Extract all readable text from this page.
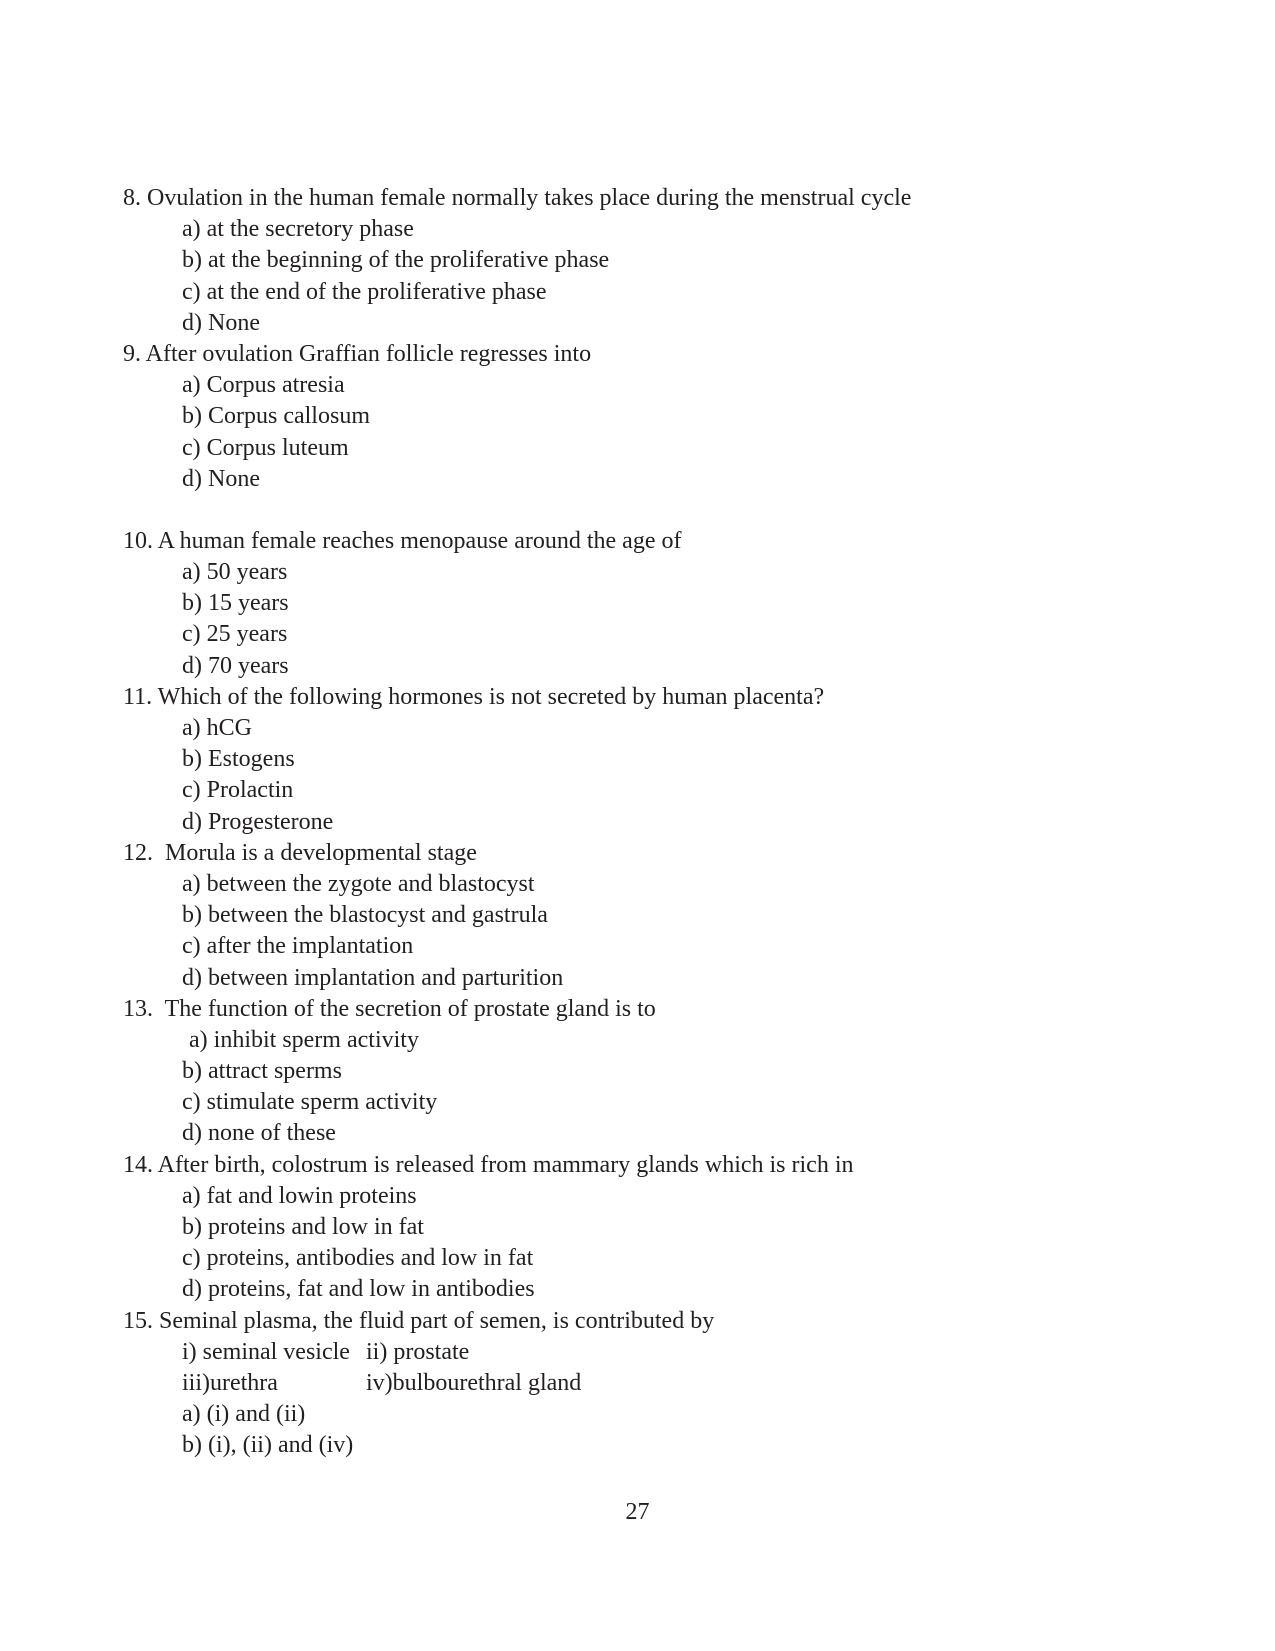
8. Ovulation in the human female normally takes place during the menstrual cycle
a) at the secretory phase
b) at the beginning of the proliferative phase
c) at the end of the proliferative phase
d) None
9. After ovulation Graffian follicle regresses into
a) Corpus atresia
b) Corpus callosum
c) Corpus luteum
d) None
10. A human female reaches menopause around the age of
a) 50 years
b) 15 years
c) 25 years
d) 70 years
11. Which of the following hormones is not secreted by human placenta?
a) hCG
b) Estogens
c) Prolactin
d) Progesterone
12.  Morula is a developmental stage
a) between the zygote and blastocyst
b) between the blastocyst and gastrula
c) after the implantation
d) between implantation and parturition
13.  The function of the secretion of prostate gland is to
a) inhibit sperm activity
b) attract sperms
c) stimulate sperm activity
d) none of these
14. After birth, colostrum is released from mammary glands which is rich in
a) fat and lowin proteins
b) proteins and low in fat
c) proteins, antibodies and low in fat
d) proteins, fat and low in antibodies
15. Seminal plasma, the fluid part of semen, is contributed by
i) seminal vesicle ii) prostate
iii)urethra	iv)bulbourethral gland
a) (i) and (ii)
b) (i), (ii) and (iv)
27
